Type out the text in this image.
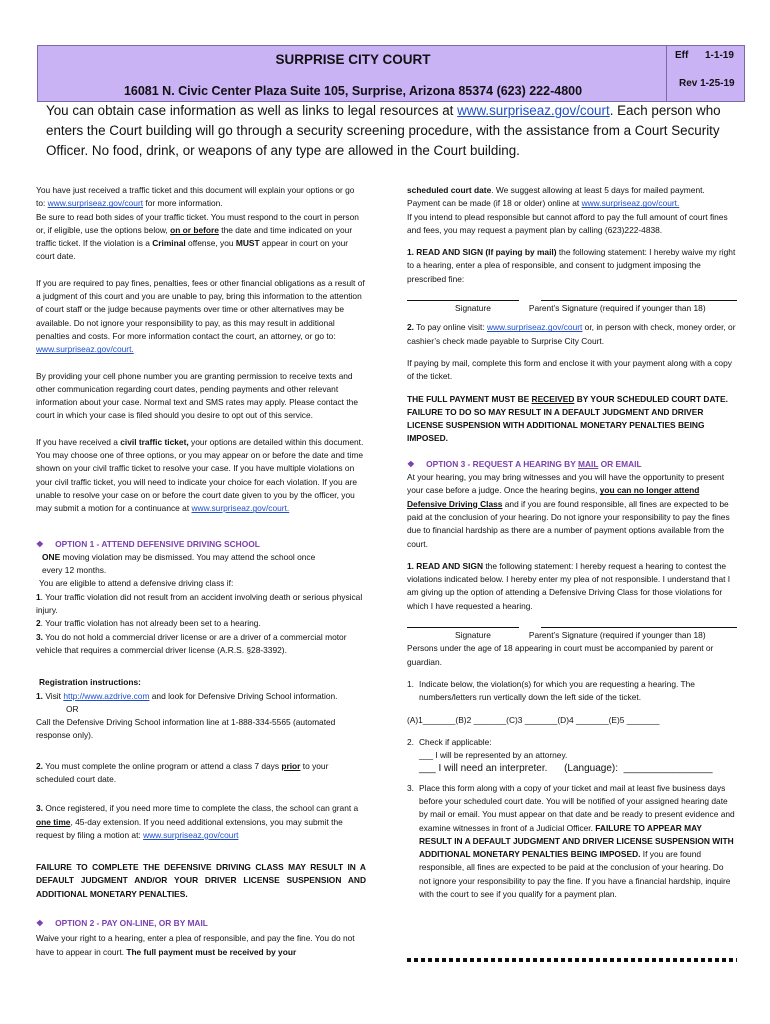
SURPRISE CITY COURT
16081 N. Civic Center Plaza Suite 105, Surprise, Arizona 85374 (623) 222-4800
Eff      1-1-19
Rev 1-25-19
You can obtain case information as well as links to legal resources at www.surpriseaz.gov/court. Each person who enters the Court building will go through a security screening procedure, with the assistance from a Court Security Officer. No food, drink, or weapons of any type are allowed in the Court building.

You have just received a traffic ticket and this document will explain your options or go to: www.surpriseaz.gov/court for more information.
Be sure to read both sides of your traffic ticket. You must respond to the court in person or, if eligible, use the options below, on or before the date and time indicated on your traffic ticket. If the violation is a Criminal offense, you MUST appear in court on your court date.

If you are required to pay fines, penalties, fees or other financial obligations as a result of a judgment of this court and you are unable to pay, bring this information to the attention of court staff or the judge because payments over time or other alternatives may be available. Do not ignore your responsibility to pay, as this may result in additional penalties and costs. For more information contact the court, an attorney, or go to: www.surpriseaz.gov/court.

By providing your cell phone number you are granting permission to receive texts and other communication regarding court dates, pending payments and other relevant information about your case. Normal text and SMS rates may apply. Please contact the court in which your case is filed should you desire to opt out of this service.

If you have received a civil traffic ticket, your options are detailed within this document. You may choose one of three options, or you may appear on or before the date and time shown on your civil traffic ticket to resolve your case. If you have multiple violations on your civil traffic ticket, you will need to indicate your choice for each violation. If you are unable to resolve your case on or before the court date given to you by the officer, you may submit a motion for a continuance at www.surpriseaz.gov/court.

❖     OPTION 1 - ATTEND DEFENSIVE DRIVING SCHOOL

ONE moving violation may be dismissed. You may attend the school once

every 12 months.

You are eligible to attend a defensive driving class if:

1. Your traffic violation did not result from an accident involving death or serious physical injury.

2. Your traffic violation has not already been set to a hearing.

3. You do not hold a commercial driver license or are a driver of a commercial motor vehicle that requires a commercial driver license (A.R.S. §28-3392).

Registration instructions:

1. Visit http://www.azdrive.com and look for Defensive Driving School information.

OR

Call the Defensive Driving School information line at 1-888-334-5565 (automated response only).

2. You must complete the online program or attend a class 7 days prior to your scheduled court date.

3. Once registered, if you need more time to complete the class, the school can grant a one time, 45-day extension. If you need additional extensions, you may submit the request by filing a motion at: www.surpriseaz.gov/court

FAILURE TO COMPLETE THE DEFENSIVE DRIVING CLASS MAY RESULT IN A DEFAULT JUDGMENT AND/OR YOUR DRIVER LICENSE SUSPENSION AND ADDITIONAL MONETARY PENALTIES.

❖     OPTION 2 - PAY ON-LINE, OR BY MAIL

Waive your right to a hearing, enter a plea of responsible, and pay the fine. You do not have to appear in court. The full payment must be received by your

scheduled court date. We suggest allowing at least 5 days for mailed payment.

Payment can be made (if 18 or older) online at www.surpriseaz.gov/court.

If you intend to plead responsible but cannot afford to pay the full amount of court fines and fees, you may request a payment plan by calling (623)222-4838.

1. READ AND SIGN (If paying by mail) the following statement: I hereby waive my right to a hearing, enter a plea of responsible, and consent to judgment imposing the prescribed fine:

Signature	Parent’s Signature (required if younger than 18)

2. To pay online visit: www.surpriseaz.gov/court or, in person with check, money order, or cashier’s check made payable to Surprise City Court.

If paying by mail, complete this form and enclose it with your payment along with a copy of the ticket.

THE FULL PAYMENT MUST BE RECEIVED BY YOUR SCHEDULED COURT DATE. FAILURE TO DO SO MAY RESULT IN A DEFAULT JUDGMENT AND DRIVER LICENSE SUSPENSION WITH ADDITIONAL MONETARY PENALTIES BEING IMPOSED.

❖     OPTION 3 - REQUEST A HEARING BY MAIL OR EMAIL

At your hearing, you may bring witnesses and you will have the opportunity to present your case before a judge. Once the hearing begins, you can no longer attend Defensive Driving Class and if you are found responsible, all fines are expected to be paid at the conclusion of your hearing. Do not ignore your responsibility to pay the fines due to financial hardship as there are a number of payment options available from the court.

1. READ AND SIGN the following statement: I hereby request a hearing to contest the violations indicated below. I hereby enter my plea of not responsible. I understand that I am giving up the option of attending a Defensive Driving Class for those violations for which I have requested a hearing.

Signature	Parent’s Signature (required if younger than 18)

Persons under the age of 18 appearing in court must be accompanied by parent or guardian.

1. Indicate below, the violation(s) for which you are requesting a hearing. The numbers/letters run vertically down the left side of the ticket.

(A)1_______(B)2 _______(C)3 _______(D)4 _______(E)5 _______

2. Check if applicable:

___ I will be represented by an attorney.

___ I will need an interpreter.      (Language):  ________________

3. Place this form along with a copy of your ticket and mail at least five business days before your scheduled court date. You will be notified of your assigned hearing date by mail or email. You must appear on that date and be ready to present evidence and examine witnesses in front of a Judicial Officer. FAILURE TO APPEAR MAY RESULT IN A DEFAULT JUDGMENT AND DRIVER LICENSE SUSPENSION WITH ADDITIONAL MONETARY PENALTIES BEING IMPOSED. If you are found responsible, all fines are expected to be paid at the conclusion of your hearing. Do not ignore your responsibility to pay the fine. If you have a financial hardship, inquire with the court to see if you qualify for a payment plan.
